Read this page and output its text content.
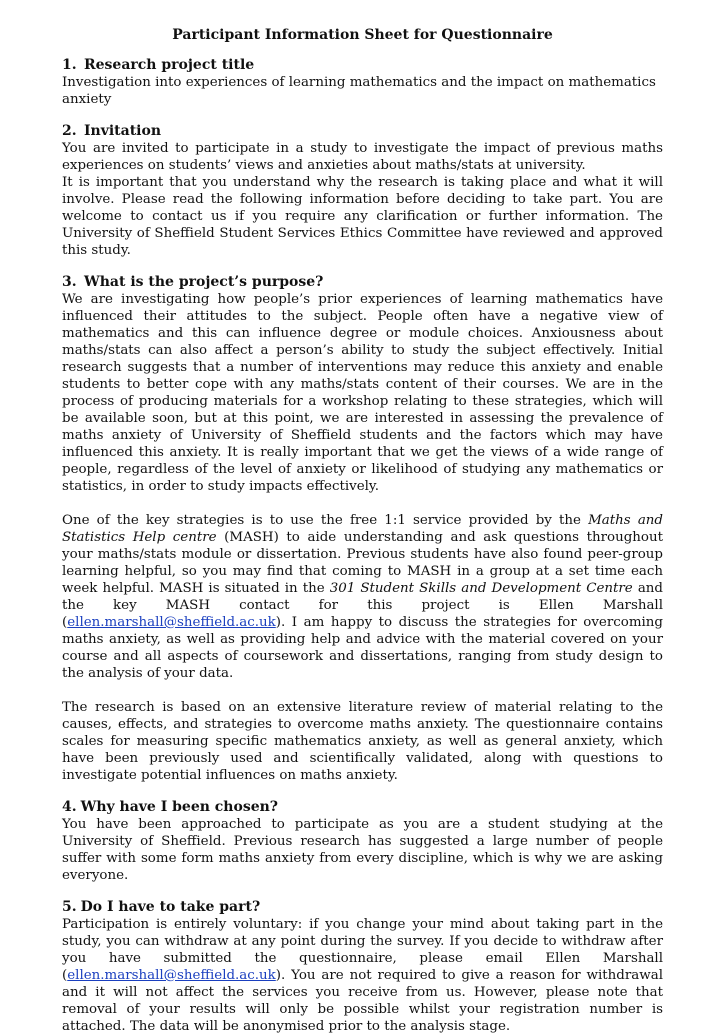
Participant Information Sheet for Questionnaire

1. Research project title

Investigation into experiences of learning mathematics and the impact on mathematics anxiety

2. Invitation

You are invited to participate in a study to investigate the impact of previous maths experiences on students’ views and anxieties about maths/stats at university.

It is important that you understand why the research is taking place and what it will involve. Please read the following information before deciding to take part. You are welcome to contact us if you require any clarification or further information. The University of Sheffield Student Services Ethics Committee have reviewed and approved this study.

3. What is the project’s purpose?

We are investigating how people’s prior experiences of learning mathematics have influenced their attitudes to the subject. People often have a negative view of mathematics and this can influence degree or module choices. Anxiousness about maths/stats can also affect a person’s ability to study the subject effectively. Initial research suggests that a number of interventions may reduce this anxiety and enable students to better cope with any maths/stats content of their courses. We are in the process of producing materials for a workshop relating to these strategies, which will be available soon, but at this point, we are interested in assessing the prevalence of maths anxiety of University of Sheffield students and the factors which may have influenced this anxiety. It is really important that we get the views of a wide range of people, regardless of the level of anxiety or likelihood of studying any mathematics or statistics, in order to study impacts effectively.

One of the key strategies is to use the free 1:1 service provided by the Maths and Statistics Help centre (MASH) to aide understanding and ask questions throughout your maths/stats module or dissertation. Previous students have also found peer-group learning helpful, so you may find that coming to MASH in a group at a set time each week helpful. MASH is situated in the 301 Student Skills and Development Centre and the key MASH contact for this project is Ellen Marshall (ellen.marshall@sheffield.ac.uk). I am happy to discuss the strategies for overcoming maths anxiety, as well as providing help and advice with the material covered on your course and all aspects of coursework and dissertations, ranging from study design to the analysis of your data.

The research is based on an extensive literature review of material relating to the causes, effects, and strategies to overcome maths anxiety. The questionnaire contains scales for measuring specific mathematics anxiety, as well as general anxiety, which have been previously used and scientifically validated, along with questions to investigate potential influences on maths anxiety.

4. Why have I been chosen?

You have been approached to participate as you are a student studying at the University of Sheffield. Previous research has suggested a large number of people suffer with some form maths anxiety from every discipline, which is why we are asking everyone.

5. Do I have to take part?

Participation is entirely voluntary: if you change your mind about taking part in the study, you can withdraw at any point during the survey. If you decide to withdraw after you have submitted the questionnaire, please email Ellen Marshall (ellen.marshall@sheffield.ac.uk). You are not required to give a reason for withdrawal and it will not affect the services you receive from us. However, please note that removal of your results will only be possible whilst your registration number is attached. The data will be anonymised prior to the analysis stage.
